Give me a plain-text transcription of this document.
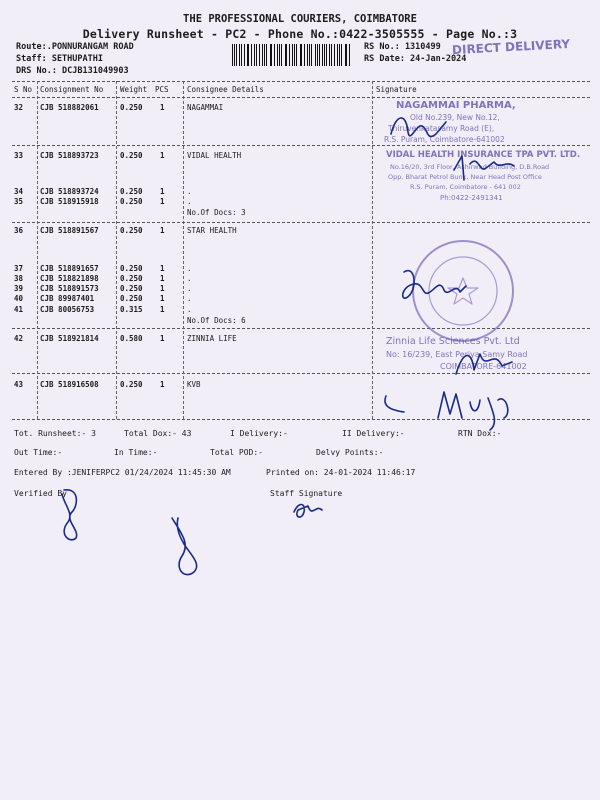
THE PROFESSIONAL COURIERS, COIMBATORE
Delivery Runsheet - PC2 - Phone No.:0422-3505555 - Page No.:3
Route:.PONNURANGAM ROAD
Staff: SETHUPATHI
DRS No.: DCJB131049903
RS No.: 1310499
RS Date: 24-Jan-2024
DIRECT DELIVERY
S No Consignment No Weight PCS Consignee Details	Signature
32 CJB 518882061	0.250 1	NAGAMMAI
33 CJB 518893723	0.250 1	VIDAL HEALTH
34 CJB 518893724	0.250 1	.
35 CJB 518915918	0.250 1	.
No.Of Docs: 3
36 CJB 518891567	0.250 1	STAR HEALTH
37 CJB 518891657	0.250 1	.
38 CJB 518821898	0.250 1	.
39 CJB 518891573	0.250 1	.
40 CJB 89987401	0.250 1	.
41 CJB 80056753	0.315 1	.
No.Of Docs: 6
42 CJB 518921814	0.580 1	ZINNIA LIFE
43 CJB 518916508	0.250 1	KVB
NAGAMMAI PHARMA,
Old No.239, New No.12,
Thiruvenkatasamy Road (E),
R.S. Puram, Coimbatore-641002
VIDAL HEALTH INSURANCE TPA PVT. LTD.
No.16/20, 3rd Floor, Ashirwad Building, D.B.Road
Opp. Bharat Petrol Bunk, Near Head Post Office
R.S. Puram, Coimbatore - 641 002
Ph:0422-2491341
Zinnia Life Sciences Pvt. Ltd
No: 16/239, East Periya Samy Road
COIMBATORE-641002
Tot. Runsheet:- 3	Total Dox:- 43	I Delivery:-	II Delivery:-	RTN Dox:-
Out Time:-	In Time:-	Total POD:-	Delvy Points:-
Entered By :JENIFERPC2 01/24/2024 11:45:30 AM	Printed on: 24-01-2024 11:46:17
Verified By	Staff Signature
